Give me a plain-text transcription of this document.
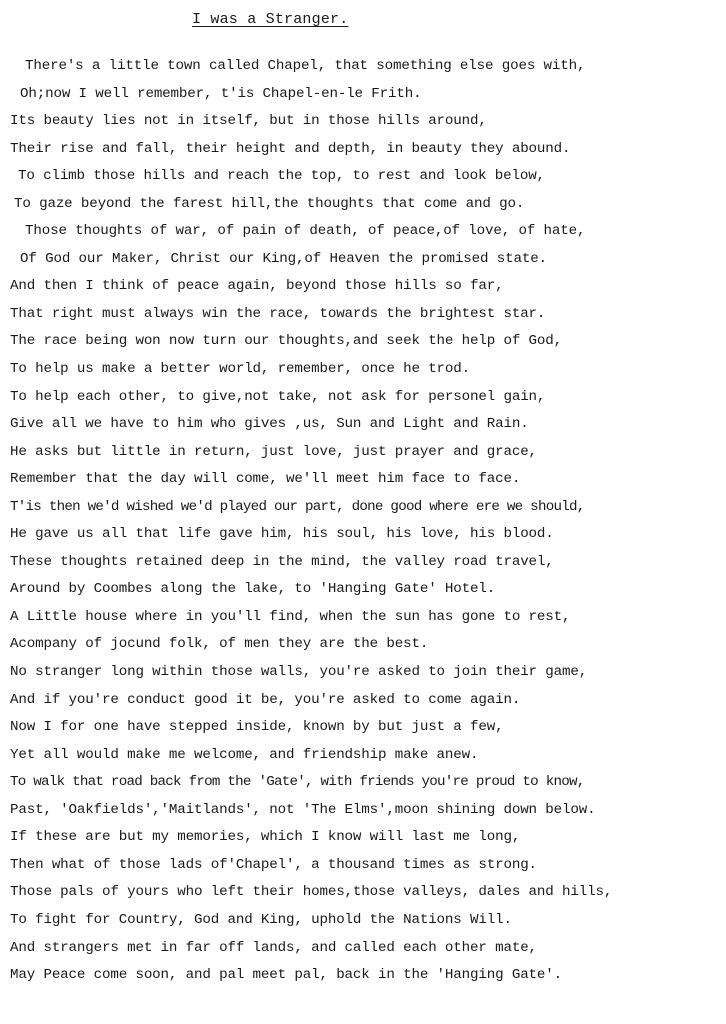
I was a Stranger.
There's a little town called Chapel, that something else goes with,
Oh;now I well remember, t'is Chapel-en-le Frith.
Its beauty lies not in itself, but in those hills around,
Their rise and fall, their height and depth, in beauty they abound.
To climb those hills and reach the top, to rest and look below,
To gaze beyond the farest hill,the thoughts that come and go.
Those thoughts of war, of pain of death, of peace,of love, of hate,
Of God our Maker, Christ our King,of Heaven the promised state.
And then I think of peace again, beyond those hills so far,
That right must always win the race, towards the brightest star.
The race being won now turn our thoughts,and seek the help of God,
To help us make a better world, remember, once he trod.
To help each other, to give,not take, not ask for personel gain,
Give all we have to him who gives ,us, Sun and Light and Rain.
He asks but little in return, just love, just prayer and grace,
Remember that the day will come, we'll meet him face to face.
T'is then we'd wished we'd played our part, done good where ere we should,
He gave us all that life gave him, his soul, his love, his blood.
These thoughts retained deep in the mind, the valley road travel,
Around by Coombes along the lake, to 'Hanging Gate' Hotel.
A Little house where in you'll find, when the sun has gone to rest,
Acompany of jocund folk, of men they are the best.
No stranger long within those walls, you're asked to join their game,
And if you're conduct good it be, you're asked to come again.
Now I for one have stepped inside, known by but just a few,
Yet all would make me welcome, and friendship make anew.
To walk that road back from the 'Gate', with friends you're proud to know,
Past, 'Oakfields','Maitlands', not 'The Elms',moon shining down below.
If these are but my memories, which I know will last me long,
Then what of those lads of'Chapel', a thousand times as strong.
Those pals of yours who left their homes,those valleys, dales and hills,
To fight for Country, God and King, uphold the Nations Will.
And strangers met in far off lands, and called each other mate,
May Peace come soon, and pal meet pal, back in the 'Hanging Gate'.
